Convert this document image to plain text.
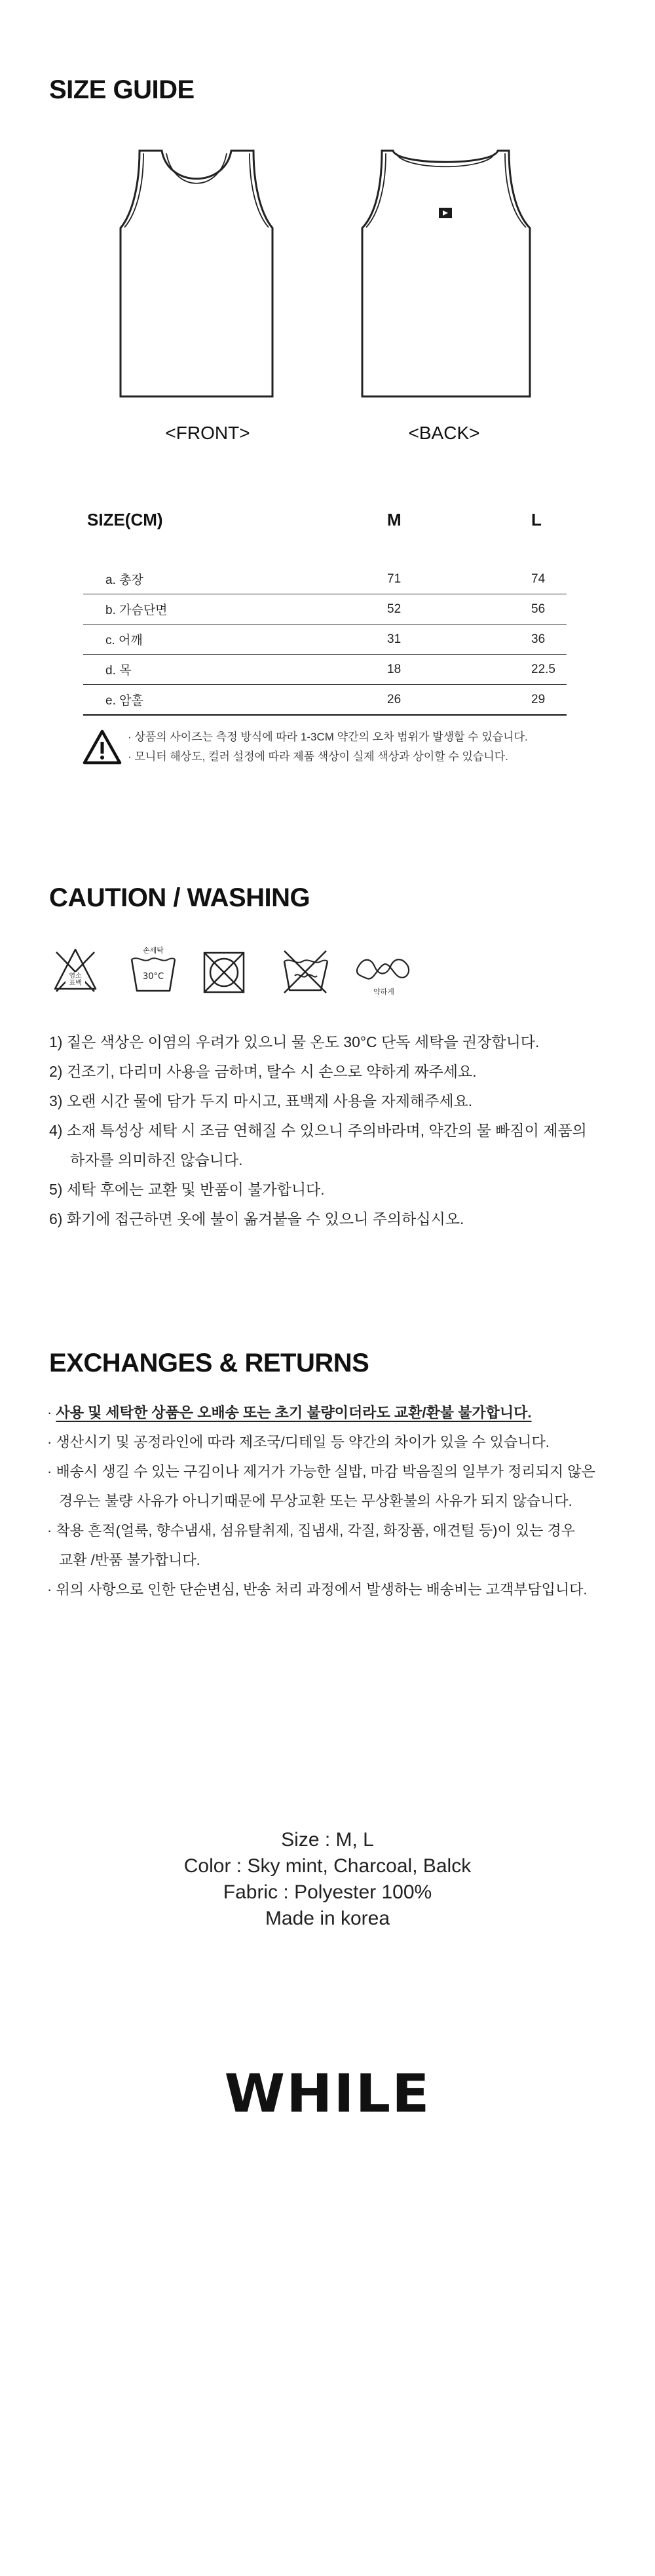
SIZE GUIDE
<FRONT>	<BACK>
SIZE(CM)	M	L
a. 총장	71	74
b. 가슴단면	52	56
c. 어깨	31	36
d. 목	18	22.5
e. 암홀	26	29
· 상품의 사이즈는 측정 방식에 따라 1-3CM 약간의 오차 범위가 발생할 수 있습니다.
· 모니터 해상도, 컬러 설정에 따라 제품 색상이 실제 색상과 상이할 수 있습니다.
CAUTION / WASHING
염소
표백
손세탁
30°C
약하게
1) 짙은 색상은 이염의 우려가 있으니 물 온도 30°C 단독 세탁을 권장합니다.
2) 건조기, 다리미 사용을 금하며, 탈수 시 손으로 약하게 짜주세요.
3) 오랜 시간 물에 담가 두지 마시고, 표백제 사용을 자제해주세요.
4) 소재 특성상 세탁 시 조금 연해질 수 있으니 주의바라며, 약간의 물 빠짐이 제품의
하자를 의미하진 않습니다.
5) 세탁 후에는 교환 및 반품이 불가합니다.
6) 화기에 접근하면 옷에 불이 옮겨붙을 수 있으니 주의하십시오.
EXCHANGES & RETURNS
· 사용 및 세탁한 상품은 오배송 또는 초기 불량이더라도 교환/환불 불가합니다.
· 생산시기 및 공정라인에 따라 제조국/디테일 등 약간의 차이가 있을 수 있습니다.
· 배송시 생길 수 있는 구김이나 제거가 가능한 실밥, 마감 박음질의 일부가 정리되지 않은
경우는 불량 사유가 아니기때문에 무상교환 또는 무상환불의 사유가 되지 않습니다.
· 착용 흔적(얼룩, 향수냄새, 섬유탈취제, 집냄새, 각질, 화장품, 애견털 등)이 있는 경우
교환 /반품 불가합니다.
· 위의 사항으로 인한 단순변심, 반송 처리 과정에서 발생하는 배송비는 고객부담입니다.
Size : M, L
Color : Sky mint, Charcoal, Balck
Fabric : Polyester 100%
Made in korea
WHILE
